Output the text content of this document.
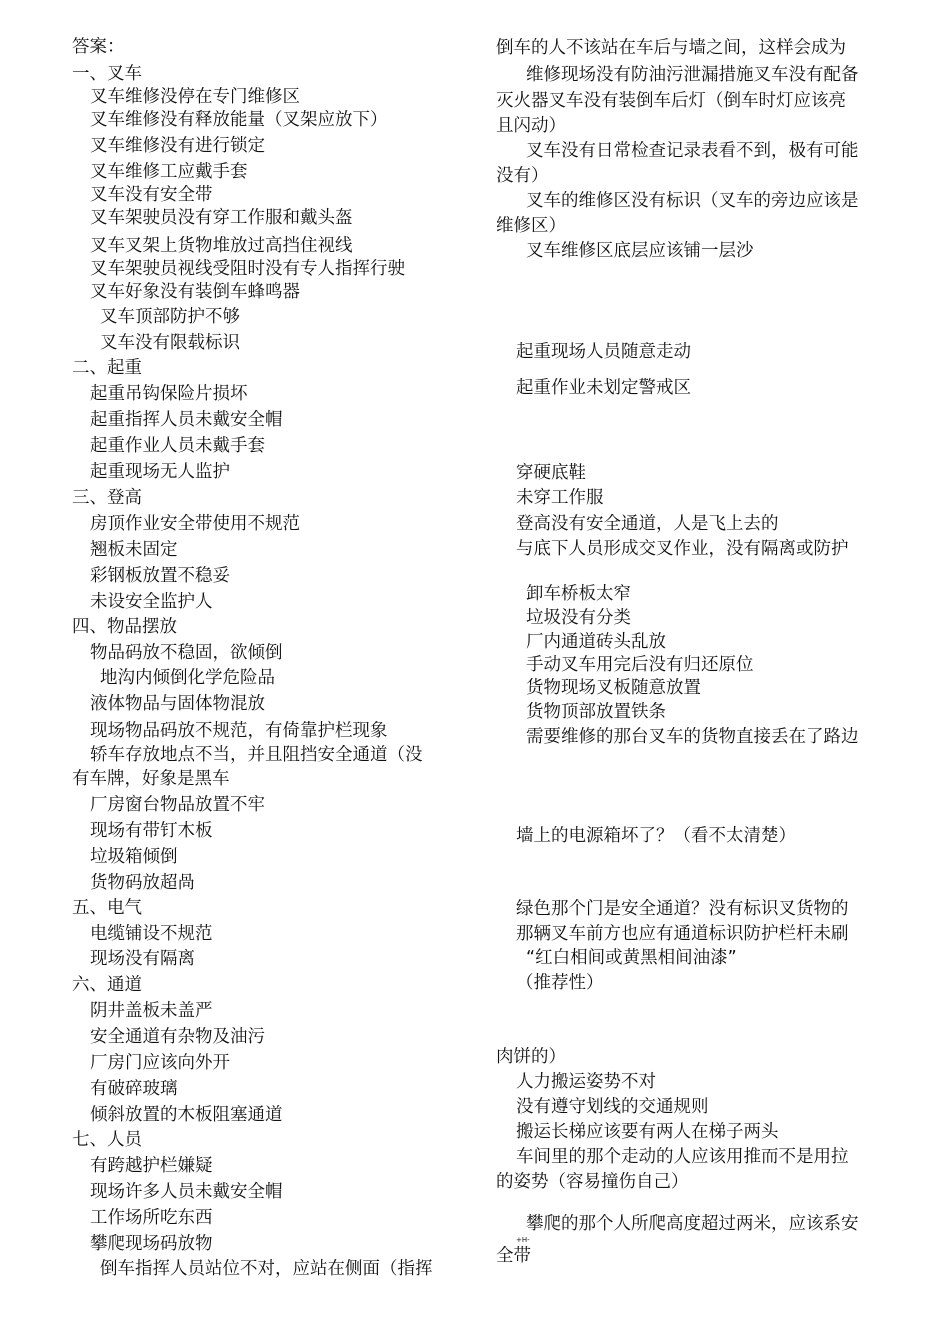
答案：
一、叉车
叉车维修没停在专门维修区
叉车维修没有释放能量（叉架应放下）
叉车维修没有进行锁定
叉车维修工应戴手套
叉车没有安全带
叉车架驶员没有穿工作服和戴头盔
叉车叉架上货物堆放过高挡住视线
叉车架驶员视线受阻时没有专人指挥行驶
叉车好象没有装倒车蜂鸣器
叉车顶部防护不够
叉车没有限载标识
二、起重
起重吊钩保险片损坏
起重指挥人员未戴安全帽
起重作业人员未戴手套
起重现场无人监护
三、登高
房顶作业安全带使用不规范
翘板未固定
彩钢板放置不稳妥
未设安全监护人
四、物品摆放
物品码放不稳固，欲倾倒
地沟内倾倒化学危险品
液体物品与固体物混放
现场物品码放不规范，有倚靠护栏现象
轿车存放地点不当，并且阻挡安全通道（没
有车牌，好象是黑车
厂房窗台物品放置不牢
现场有带钉木板
垃圾箱倾倒
货物码放超咼
五、电气
电缆铺设不规范
现场没有隔离
六、通道
阴井盖板未盖严
安全通道有杂物及油污
厂房门应该向外开
有破碎玻璃
倾斜放置的木板阻塞通道
七、人员
有跨越护栏嫌疑
现场许多人员未戴安全帽
工作场所吃东西
攀爬现场码放物
倒车指挥人员站位不对，应站在侧面（指挥
倒车的人不该站在车后与墙之间，这样会成为
维修现场没有防油污泄漏措施叉车没有配备
灭火器叉车没有装倒车后灯（倒车时灯应该亮
且闪动）
叉车没有日常检查记录表看不到，极有可能
没有）
叉车的维修区没有标识（叉车的旁边应该是
维修区）
叉车维修区底层应该铺一层沙
起重现场人员随意走动
起重作业未划定警戒区
穿硬底鞋
未穿工作服
登高没有安全通道，人是飞上去的
与底下人员形成交叉作业，没有隔离或防护
卸车桥板太窄
垃圾没有分类
厂内通道砖头乱放
手动叉车用完后没有归还原位
货物现场叉板随意放置
货物顶部放置铁条
需要维修的那台叉车的货物直接丢在了路边
墙上的电源箱坏了？（看不太清楚）
绿色那个门是安全通道？没有标识叉货物的
那辆叉车前方也应有通道标识防护栏杆未刷
“红白相间或黄黑相间油漆”
（推荐性）
肉饼的）
人力搬运姿势不对
没有遵守划线的交通规则
搬运长梯应该要有两人在梯子两头
车间里的那个走动的人应该用推而不是用拉
的姿势（容易撞伤自己）
攀爬的那个人所爬高度超过两米，应该系安
+H-
全带
